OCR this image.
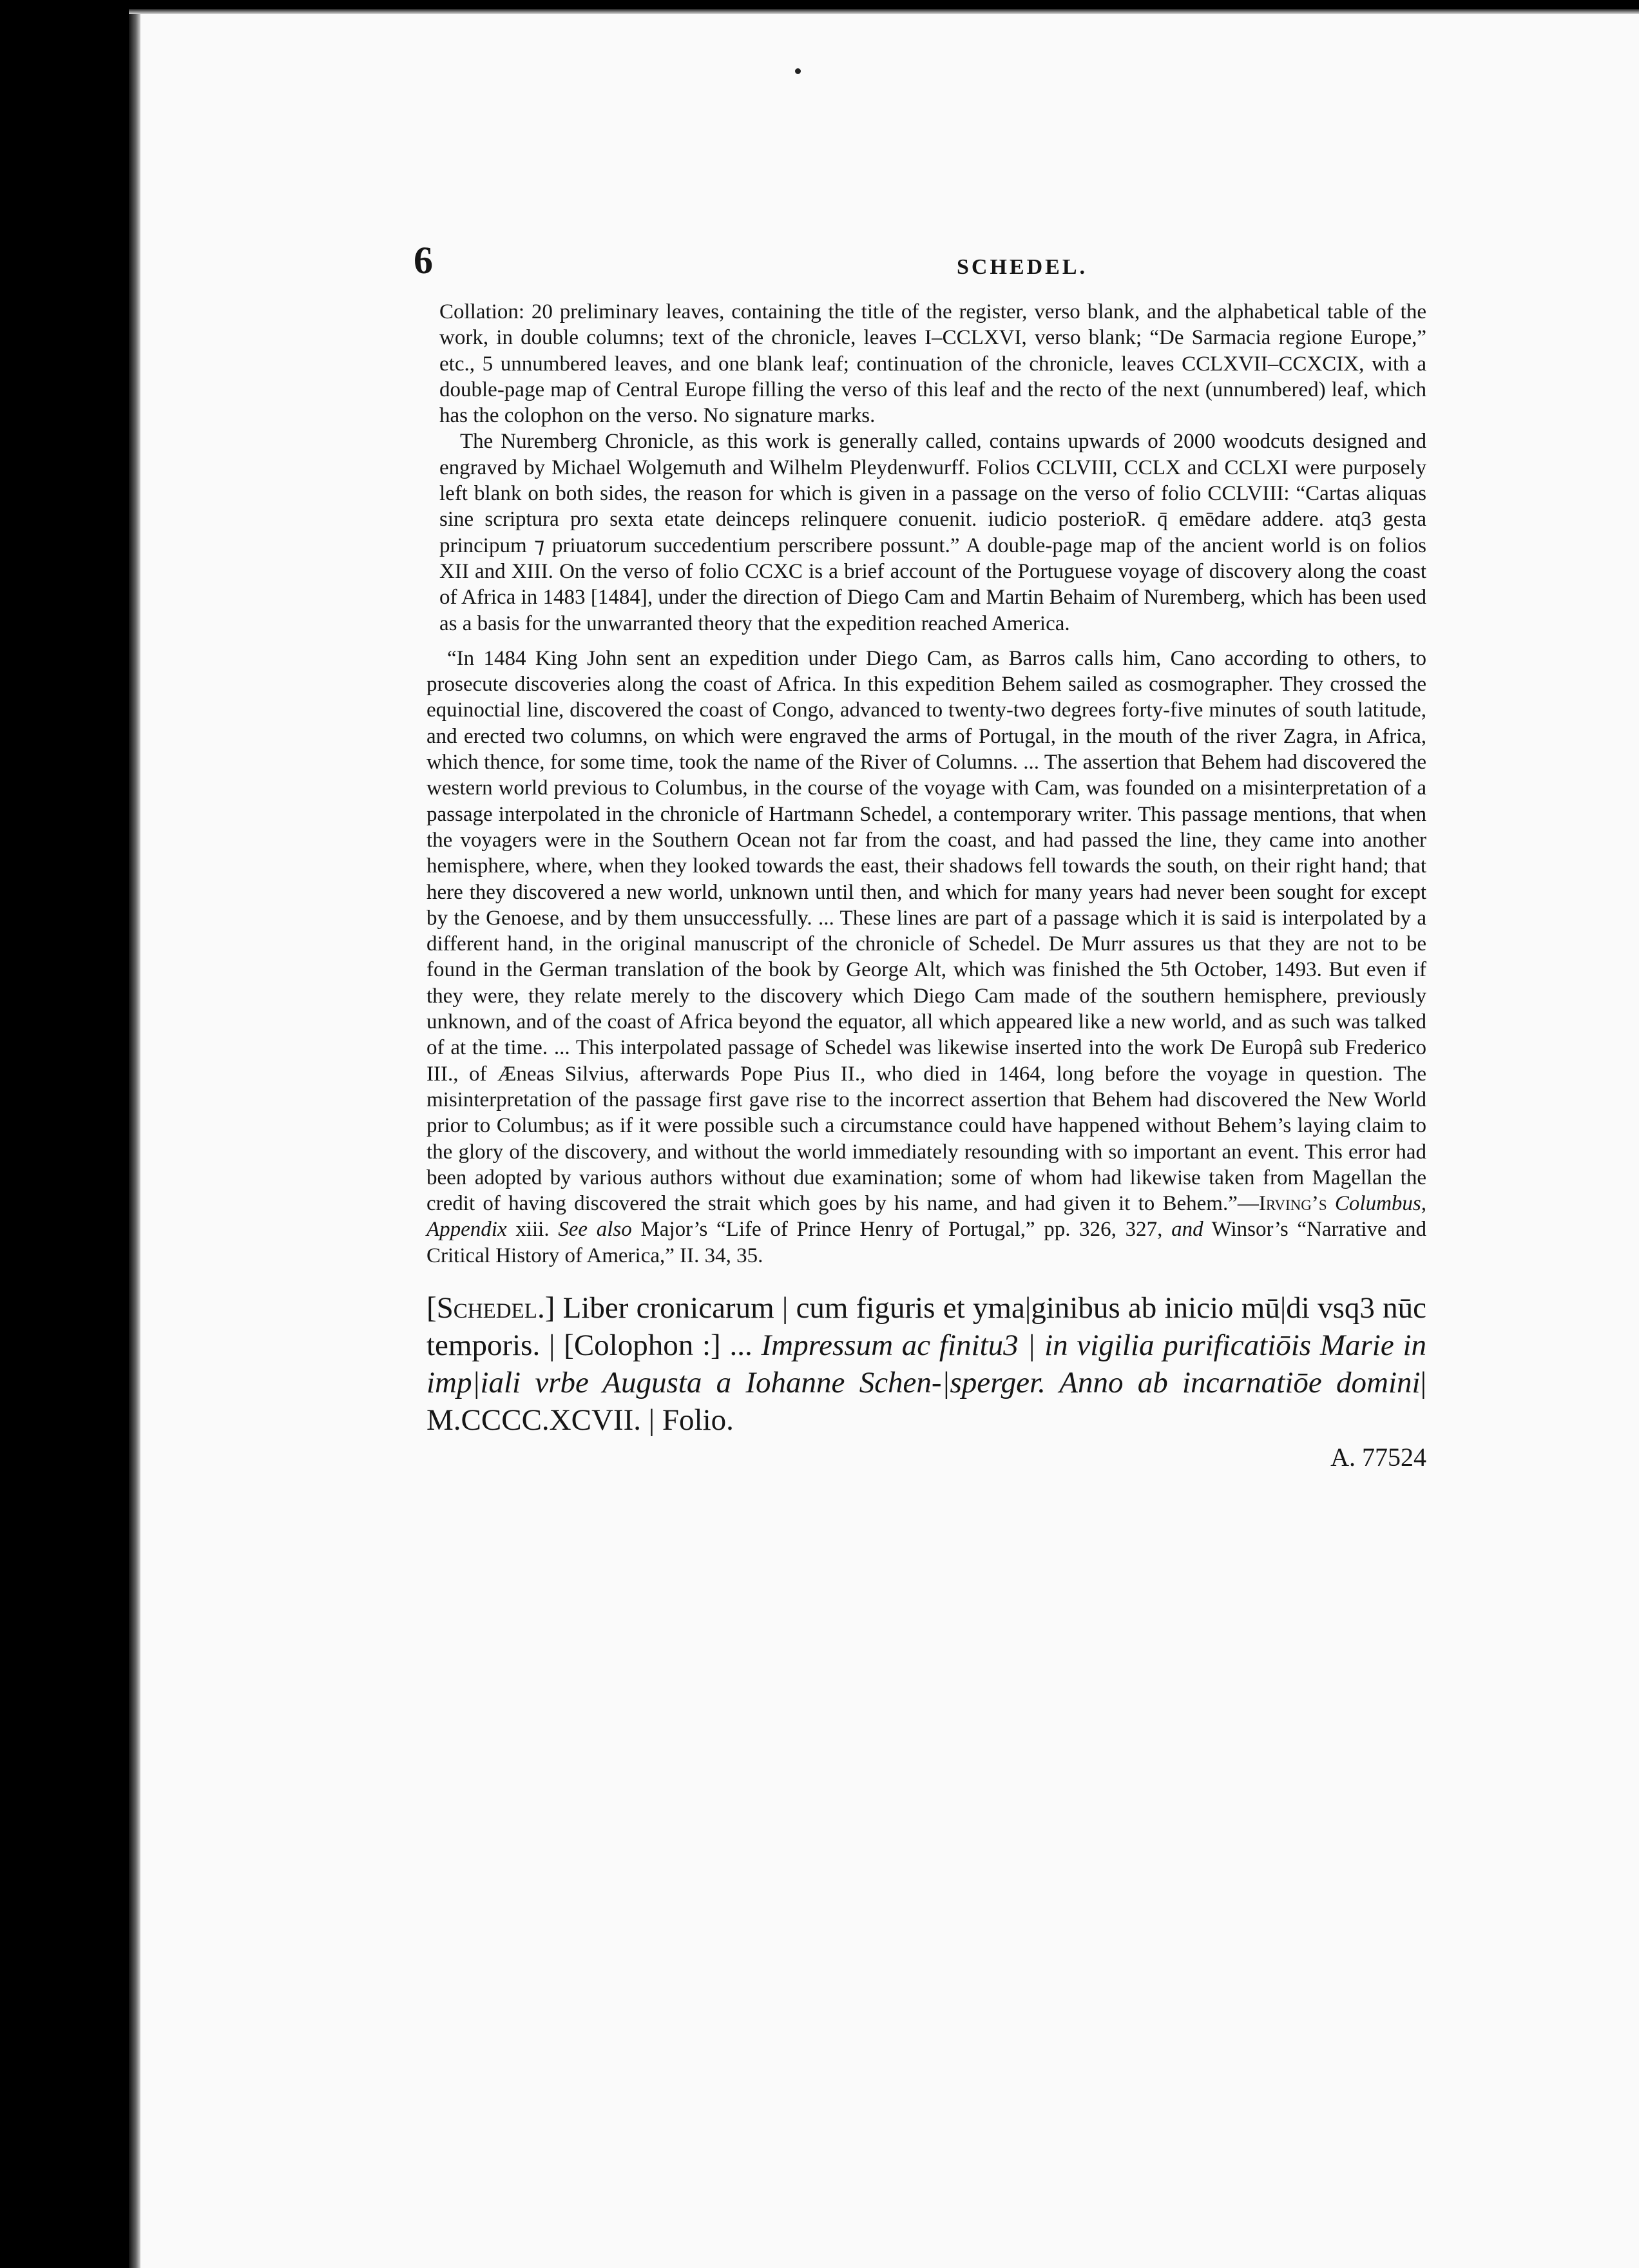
6	SCHEDEL.

Collation: 20 preliminary leaves, containing the title of the register, verso blank, and the alphabetical table of the work, in double columns; text of the chronicle, leaves I–CCLXVI, verso blank; “De Sarmacia regione Europe,” etc., 5 unnumbered leaves, and one blank leaf; continuation of the chronicle, leaves CCLXVII–CCXCIX, with a double-page map of Central Europe filling the verso of this leaf and the recto of the next (unnumbered) leaf, which has the colophon on the verso. No signature marks.

The Nuremberg Chronicle, as this work is generally called, contains upwards of 2000 woodcuts designed and engraved by Michael Wolgemuth and Wilhelm Pleydenwurff. Folios CCLVIII, CCLX and CCLXI were purposely left blank on both sides, the reason for which is given in a passage on the verso of folio CCLVIII: “Cartas aliquas sine scriptura pro sexta etate deinceps relinquere conuenit. iudicio posterioR. q̄ emēdare addere. atq3 gesta principum ⁊ priuatorum succedentium perscribere possunt.” A double-page map of the ancient world is on folios XII and XIII. On the verso of folio CCXC is a brief account of the Portuguese voyage of discovery along the coast of Africa in 1483 [1484], under the direction of Diego Cam and Martin Behaim of Nuremberg, which has been used as a basis for the unwarranted theory that the expedition reached America.

“In 1484 King John sent an expedition under Diego Cam, as Barros calls him, Cano according to others, to prosecute discoveries along the coast of Africa. In this expedition Behem sailed as cosmographer. They crossed the equinoctial line, discovered the coast of Congo, advanced to twenty-two degrees forty-five minutes of south latitude, and erected two columns, on which were engraved the arms of Portugal, in the mouth of the river Zagra, in Africa, which thence, for some time, took the name of the River of Columns. ... The assertion that Behem had discovered the western world previous to Columbus, in the course of the voyage with Cam, was founded on a misinterpretation of a passage interpolated in the chronicle of Hartmann Schedel, a contemporary writer. This passage mentions, that when the voyagers were in the Southern Ocean not far from the coast, and had passed the line, they came into another hemisphere, where, when they looked towards the east, their shadows fell towards the south, on their right hand; that here they discovered a new world, unknown until then, and which for many years had never been sought for except by the Genoese, and by them unsuccessfully. ... These lines are part of a passage which it is said is interpolated by a different hand, in the original manuscript of the chronicle of Schedel. De Murr assures us that they are not to be found in the German translation of the book by George Alt, which was finished the 5th October, 1493. But even if they were, they relate merely to the discovery which Diego Cam made of the southern hemisphere, previously unknown, and of the coast of Africa beyond the equator, all which appeared like a new world, and as such was talked of at the time. ... This interpolated passage of Schedel was likewise inserted into the work De Europâ sub Frederico III., of Æneas Silvius, afterwards Pope Pius II., who died in 1464, long before the voyage in question. The misinterpretation of the passage first gave rise to the incorrect assertion that Behem had discovered the New World prior to Columbus; as if it were possible such a circumstance could have happened without Behem’s laying claim to the glory of the discovery, and without the world immediately resounding with so important an event. This error had been adopted by various authors without due examination; some of whom had likewise taken from Magellan the credit of having discovered the strait which goes by his name, and had given it to Behem.”—Irving’s Columbus, Appendix xiii. See also Major’s “Life of Prince Henry of Portugal,” pp. 326, 327, and Winsor’s “Narrative and Critical History of America,” II. 34, 35.

[Schedel.] Liber cronicarum | cum figuris et yma|ginibus ab inicio mū|di vsq3 nūc temporis. | [Colophon :] ... Impressum ac finitu3 | in vigilia purificatiōis Marie in imp|iali vrbe Augusta a Iohanne Schen-|sperger. Anno ab incarnatiōe domini| M.CCCC.XCVII. | Folio.

A. 77524
